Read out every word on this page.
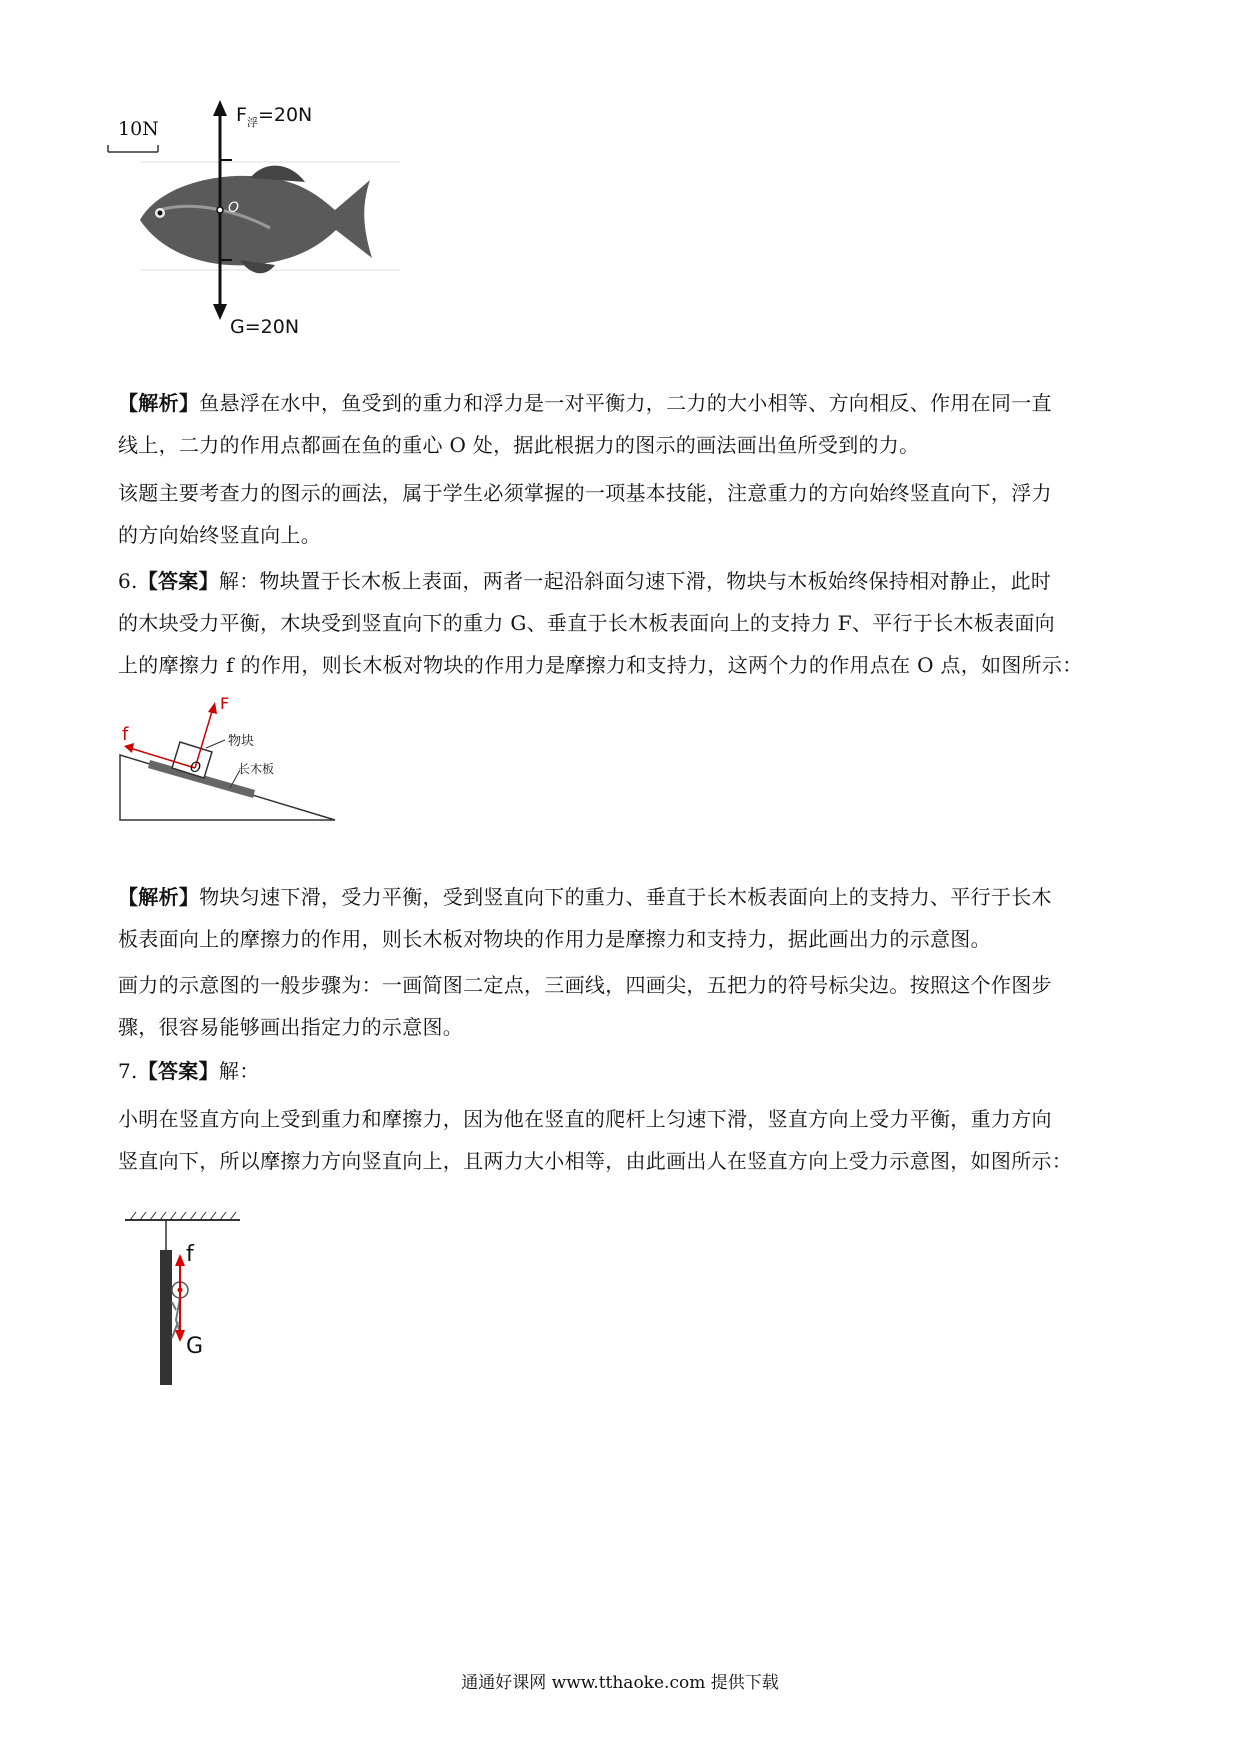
10N
$F_浮=20N$
O
G=20N

【解析】鱼悬浮在水中，鱼受到的重力和浮力是一对平衡力，二力的大小相等、方向相反、作用在同一直

线上，二力的作用点都画在鱼的重心 O 处，据此根据力的图示的画法画出鱼所受到的力。

该题主要考查力的图示的画法，属于学生必须掌握的一项基本技能，注意重力的方向始终竖直向下，浮力

的方向始终竖直向上。

6.【答案】解：物块置于长木板上表面，两者一起沿斜面匀速下滑，物块与木板始终保持相对静止，此时

的木块受力平衡，木块受到竖直向下的重力 G、垂直于长木板表面向上的支持力 F、平行于长木板表面向

上的摩擦力 f 的作用，则长木板对物块的作用力是摩擦力和支持力，这两个力的作用点在 O 点，如图所示：

F
f
O
物块
长木板

【解析】物块匀速下滑，受力平衡，受到竖直向下的重力、垂直于长木板表面向上的支持力、平行于长木

板表面向上的摩擦力的作用，则长木板对物块的作用力是摩擦力和支持力，据此画出力的示意图。

画力的示意图的一般步骤为：一画简图二定点，三画线，四画尖，五把力的符号标尖边。按照这个作图步

骤，很容易能够画出指定力的示意图。

7.【答案】解：

小明在竖直方向上受到重力和摩擦力，因为他在竖直的爬杆上匀速下滑，竖直方向上受力平衡，重力方向

竖直向下，所以摩擦力方向竖直向上，且两力大小相等，由此画出人在竖直方向上受力示意图，如图所示：

f
G
通通好课网 www.tthaoke.com 提供下载
